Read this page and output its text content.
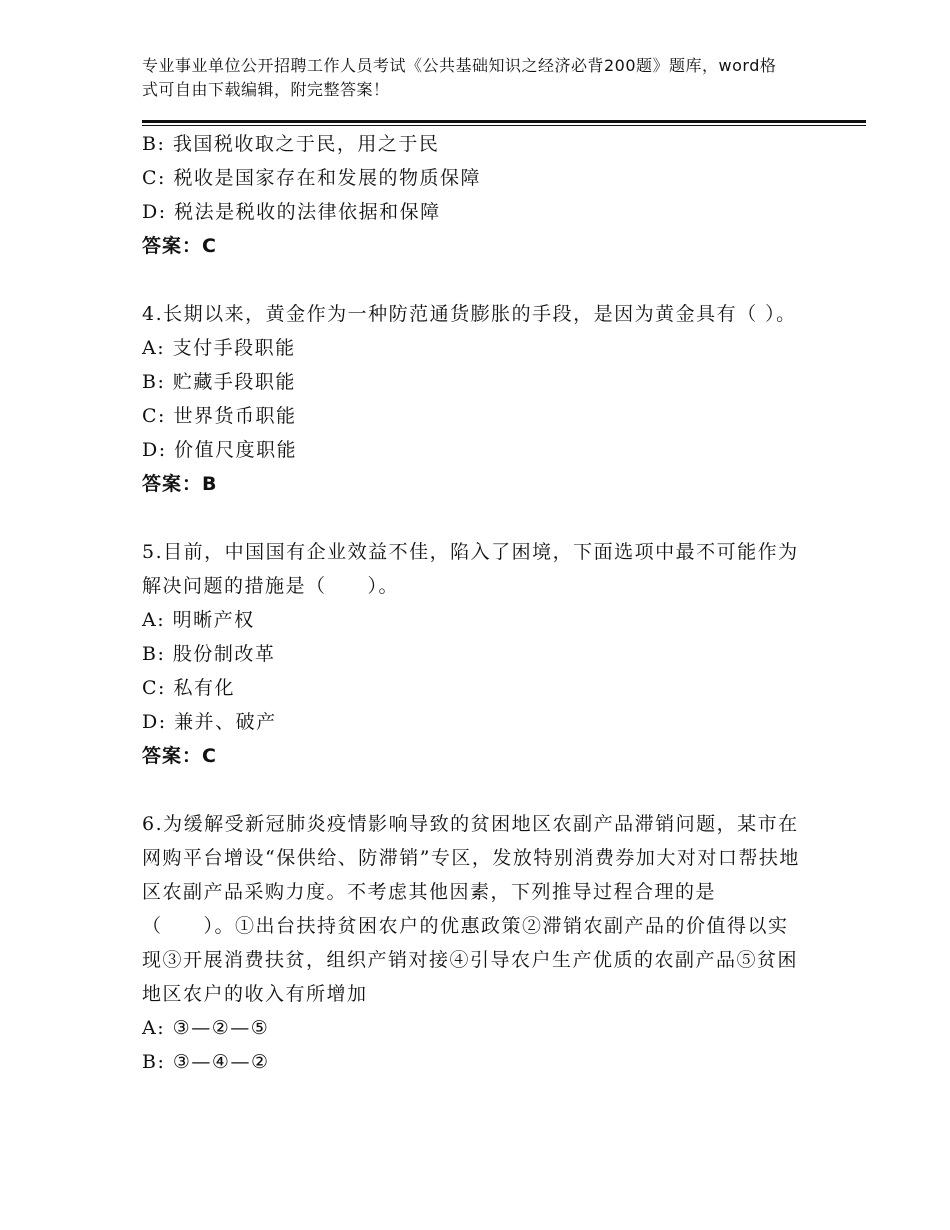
专业事业单位公开招聘工作人员考试《公共基础知识之经济必背200题》题库，word格式可自由下载编辑，附完整答案！
B: 我国税收取之于民，用之于民
C: 税收是国家存在和发展的物质保障
D: 税法是税收的法律依据和保障
答案：C
4.长期以来，黄金作为一种防范通货膨胀的手段，是因为黄金具有（ ）。
A: 支付手段职能
B: 贮藏手段职能
C: 世界货币职能
D: 价值尺度职能
答案：B
5.目前，中国国有企业效益不佳，陷入了困境，下面选项中最不可能作为解决问题的措施是（　　）。
A: 明晰产权
B: 股份制改革
C: 私有化
D: 兼并、破产
答案：C
6.为缓解受新冠肺炎疫情影响导致的贫困地区农副产品滞销问题，某市在网购平台增设“保供给、防滞销”专区，发放特别消费券加大对对口帮扶地区农副产品采购力度。不考虑其他因素，下列推导过程合理的是（　　）。①出台扶持贫困农户的优惠政策②滞销农副产品的价值得以实现③开展消费扶贫，组织产销对接④引导农户生产优质的农副产品⑤贫困地区农户的收入有所增加
A: ③—②—⑤
B: ③—④—②
